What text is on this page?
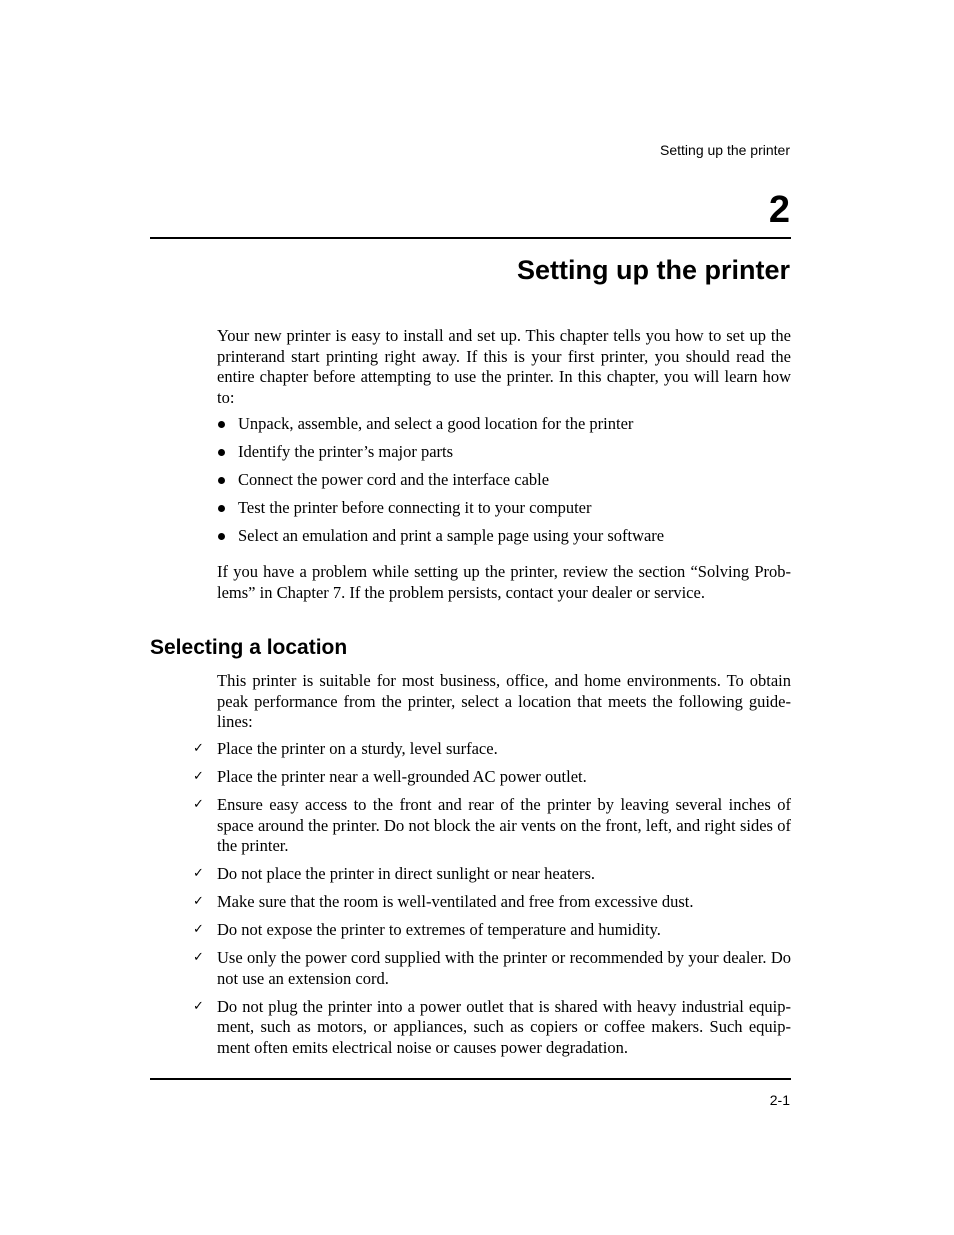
Setting up the printer
2
Setting up the printer

Your new printer is easy to install and set up. This chapter tells you how to set up the printerand start printing right away. If this is your first printer, you should read the entire chapter before attempting to use the printer. In this chapter, you will learn how to:

Unpack, assemble, and select a good location for the printer
Identify the printer’s major parts
Connect the power cord and the interface cable
Test the printer before connecting it to your computer
Select an emulation and print a sample page using your software

If you have a problem while setting up the printer, review the section “Solving Prob-lems” in Chapter 7. If the problem persists, contact your dealer or service.

Selecting a location

This printer is suitable for most business, office, and home environments. To obtain peak performance from the printer, select a location that meets the following guide-lines:

✓ Place the printer on a sturdy, level surface.
✓ Place the printer near a well-grounded AC power outlet.
✓ Ensure easy access to the front and rear of the printer by leaving several inches of space around the printer. Do not block the air vents on the front, left, and right sides of the printer.
✓ Do not place the printer in direct sunlight or near heaters.
✓ Make sure that the room is well-ventilated and free from excessive dust.
✓ Do not expose the printer to extremes of temperature and humidity.
✓ Use only the power cord supplied with the printer or recommended by your dealer. Do not use an extension cord.
✓ Do not plug the printer into a power outlet that is shared with heavy industrial equip-ment, such as motors, or appliances, such as copiers or coffee makers. Such equip-ment often emits electrical noise or causes power degradation.
2-1
